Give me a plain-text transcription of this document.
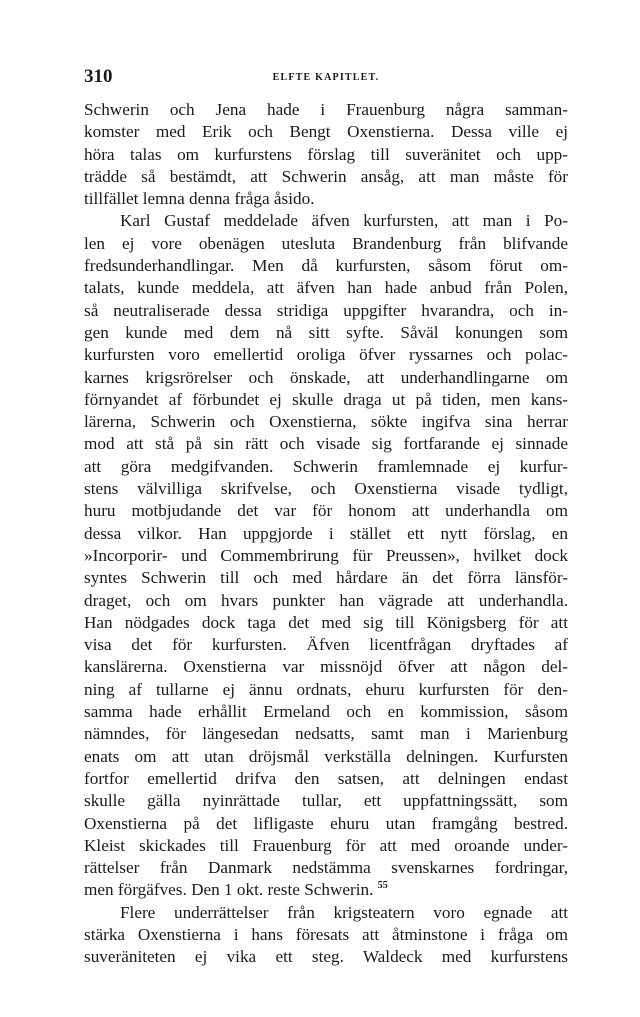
310	ELFTE KAPITLET.
Schwerin och Jena hade i Frauenburg några samman-
komster med Erik och Bengt Oxenstierna. Dessa ville ej
höra talas om kurfurstens förslag till suveränitet och upp-
trädde så bestämdt, att Schwerin ansåg, att man måste för
tillfället lemna denna fråga åsido.
Karl Gustaf meddelade äfven kurfursten, att man i Po-
len ej vore obenägen utesluta Brandenburg från blifvande
fredsunderhandlingar. Men då kurfursten, såsom förut om-
talats, kunde meddela, att äfven han hade anbud från Polen,
så neutraliserade dessa stridiga uppgifter hvarandra, och in-
gen kunde med dem nå sitt syfte. Såväl konungen som
kurfursten voro emellertid oroliga öfver ryssarnes och polac-
karnes krigsrörelser och önskade, att underhandlingarne om
förnyandet af förbundet ej skulle draga ut på tiden, men kans-
lärerna, Schwerin och Oxenstierna, sökte ingifva sina herrar
mod att stå på sin rätt och visade sig fortfarande ej sinnade
att göra medgifvanden. Schwerin framlemnade ej kurfur-
stens välvilliga skrifvelse, och Oxenstierna visade tydligt,
huru motbjudande det var för honom att underhandla om
dessa vilkor. Han uppgjorde i stället ett nytt förslag, en
»Incorporir- und Commembrirung für Preussen», hvilket dock
syntes Schwerin till och med hårdare än det förra länsför-
draget, och om hvars punkter han vägrade att underhandla.
Han nödgades dock taga det med sig till Königsberg för att
visa det för kurfursten. Äfven licentfrågan dryftades af
kanslärerna. Oxenstierna var missnöjd öfver att någon del-
ning af tullarne ej ännu ordnats, ehuru kurfursten för den-
samma hade erhållit Ermeland och en kommission, såsom
nämndes, för längesedan nedsatts, samt man i Marienburg
enats om att utan dröjsmål verkställa delningen. Kurfursten
fortfor emellertid drifva den satsen, att delningen endast
skulle gälla nyinrättade tullar, ett uppfattningssätt, som
Oxenstierna på det lifligaste ehuru utan framgång bestred.
Kleist skickades till Frauenburg för att med oroande under-
rättelser från Danmark nedstämma svenskarnes fordringar,
men förgäfves. Den 1 okt. reste Schwerin. $^{55}$
Flere underrättelser från krigsteatern voro egnade att
stärka Oxenstierna i hans föresats att åtminstone i fråga om
suveräniteten ej vika ett steg. Waldeck med kurfurstens
